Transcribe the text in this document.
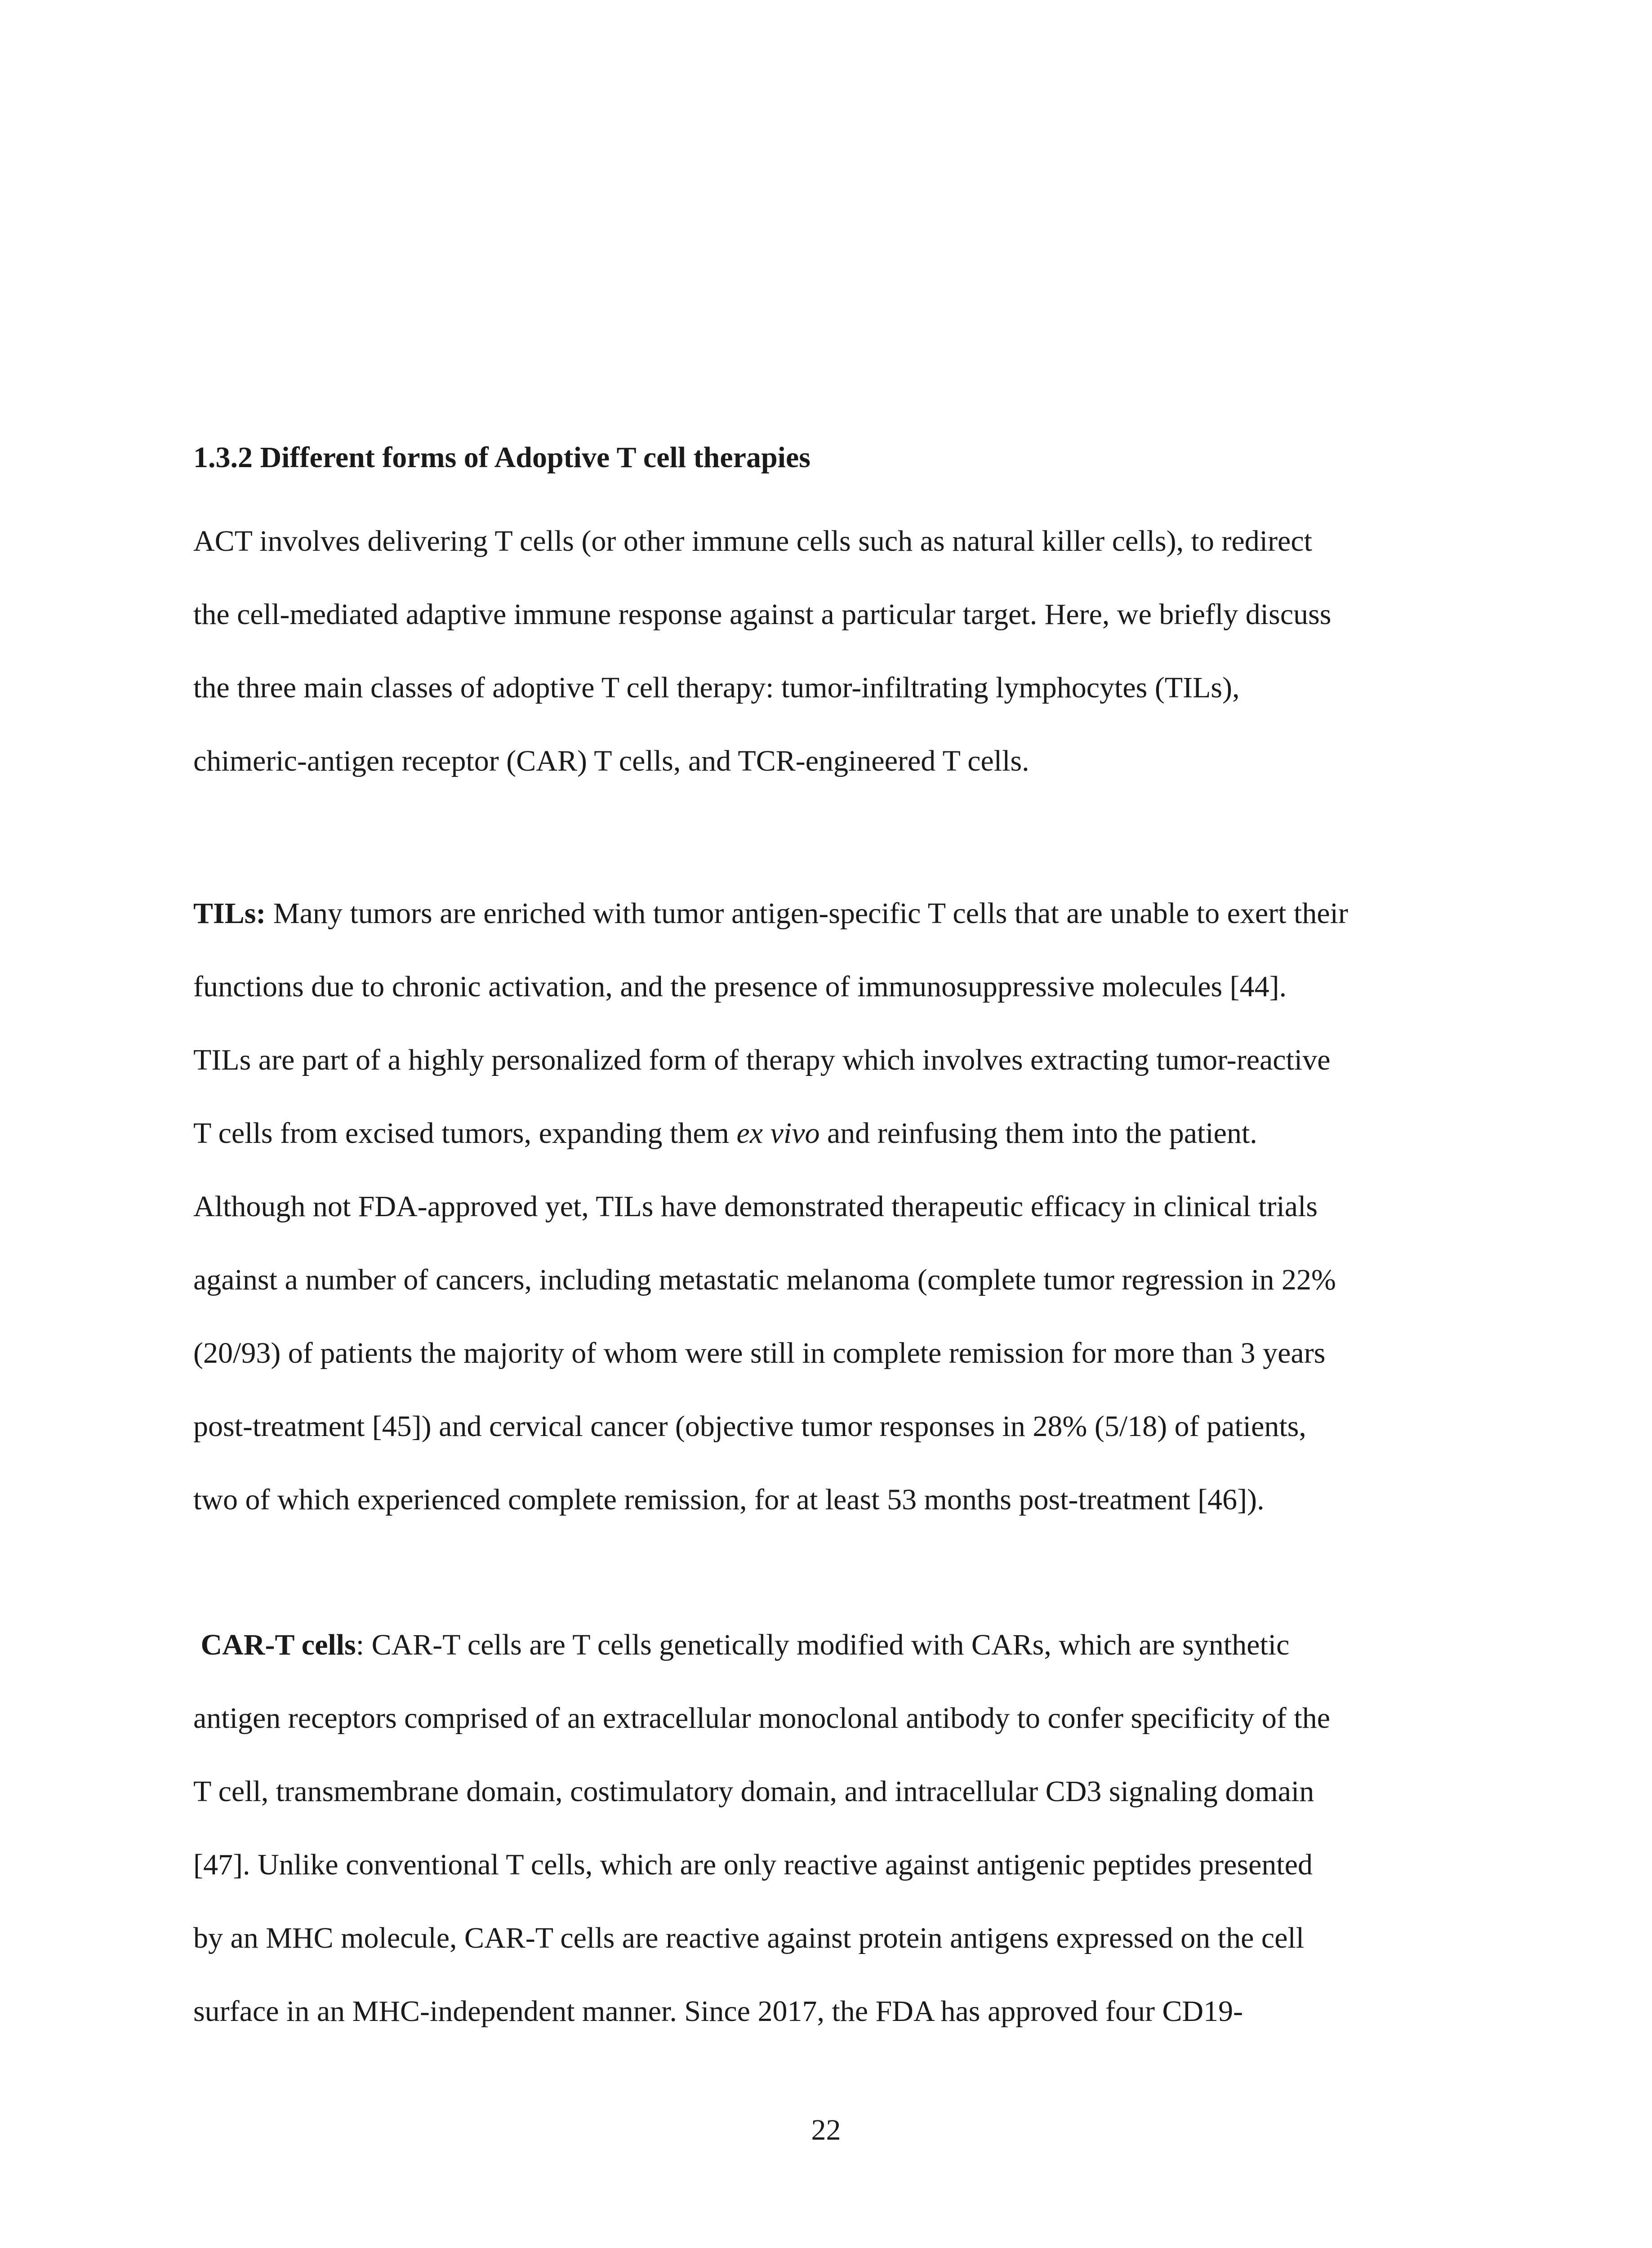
1.3.2 Different forms of Adoptive T cell therapies

ACT involves delivering T cells (or other immune cells such as natural killer cells), to redirect
the cell-mediated adaptive immune response against a particular target. Here, we briefly discuss
the three main classes of adoptive T cell therapy: tumor-infiltrating lymphocytes (TILs),
chimeric-antigen receptor (CAR) T cells, and TCR-engineered T cells.

TILs: Many tumors are enriched with tumor antigen-specific T cells that are unable to exert their
functions due to chronic activation, and the presence of immunosuppressive molecules [44].
TILs are part of a highly personalized form of therapy which involves extracting tumor-reactive
T cells from excised tumors, expanding them ex vivo and reinfusing them into the patient.
Although not FDA-approved yet, TILs have demonstrated therapeutic efficacy in clinical trials
against a number of cancers, including metastatic melanoma (complete tumor regression in 22%
(20/93) of patients the majority of whom were still in complete remission for more than 3 years
post-treatment [45]) and cervical cancer (objective tumor responses in 28% (5/18) of patients,
two of which experienced complete remission, for at least 53 months post-treatment [46]).

CAR-T cells: CAR-T cells are T cells genetically modified with CARs, which are synthetic
antigen receptors comprised of an extracellular monoclonal antibody to confer specificity of the
T cell, transmembrane domain, costimulatory domain, and intracellular CD3 signaling domain
[47]. Unlike conventional T cells, which are only reactive against antigenic peptides presented
by an MHC molecule, CAR-T cells are reactive against protein antigens expressed on the cell
surface in an MHC-independent manner. Since 2017, the FDA has approved four CD19-

22
